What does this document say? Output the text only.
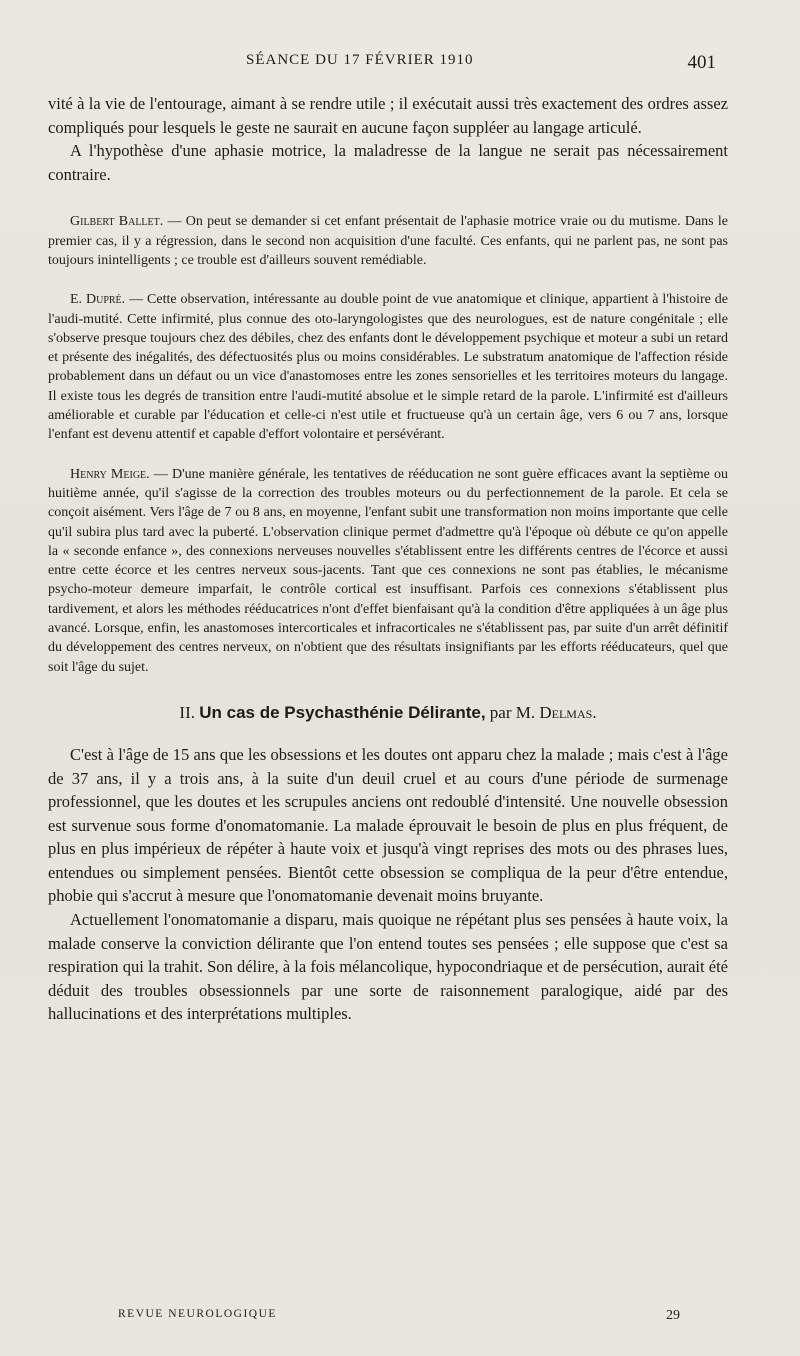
SÉANCE DU 17 FÉVRIER 1910	401

vité à la vie de l'entourage, aimant à se rendre utile ; il exécutait aussi très exactement des ordres assez compliqués pour lesquels le geste ne saurait en aucune façon suppléer au langage articulé.

A l'hypothèse d'une aphasie motrice, la maladresse de la langue ne serait pas nécessairement contraire.

Gilbert Ballet. — On peut se demander si cet enfant présentait de l'aphasie motrice vraie ou du mutisme. Dans le premier cas, il y a régression, dans le second non acquisition d'une faculté. Ces enfants, qui ne parlent pas, ne sont pas toujours inintelligents ; ce trouble est d'ailleurs souvent remédiable.

E. Dupré. — Cette observation, intéressante au double point de vue anatomique et clinique, appartient à l'histoire de l'audi-mutité. Cette infirmité, plus connue des oto-laryngologistes que des neurologues, est de nature congénitale ; elle s'observe presque toujours chez des débiles, chez des enfants dont le développement psychique et moteur a subi un retard et présente des inégalités, des défectuosités plus ou moins considérables. Le substratum anatomique de l'affection réside probablement dans un défaut ou un vice d'anastomoses entre les zones sensorielles et les territoires moteurs du langage. Il existe tous les degrés de transition entre l'audi-mutité absolue et le simple retard de la parole. L'infirmité est d'ailleurs améliorable et curable par l'éducation et celle-ci n'est utile et fructueuse qu'à un certain âge, vers 6 ou 7 ans, lorsque l'enfant est devenu attentif et capable d'effort volontaire et persévérant.

Henry Meige. — D'une manière générale, les tentatives de rééducation ne sont guère efficaces avant la septième ou huitième année, qu'il s'agisse de la correction des troubles moteurs ou du perfectionnement de la parole. Et cela se conçoit aisément. Vers l'âge de 7 ou 8 ans, en moyenne, l'enfant subit une transformation non moins importante que celle qu'il subira plus tard avec la puberté. L'observation clinique permet d'admettre qu'à l'époque où débute ce qu'on appelle la « seconde enfance », des connexions nerveuses nouvelles s'établissent entre les différents centres de l'écorce et aussi entre cette écorce et les centres nerveux sous-jacents. Tant que ces connexions ne sont pas établies, le mécanisme psycho-moteur demeure imparfait, le contrôle cortical est insuffisant. Parfois ces connexions s'établissent plus tardivement, et alors les méthodes rééducatrices n'ont d'effet bienfaisant qu'à la condition d'être appliquées à un âge plus avancé. Lorsque, enfin, les anastomoses intercorticales et infracorticales ne s'établissent pas, par suite d'un arrêt définitif du développement des centres nerveux, on n'obtient que des résultats insignifiants par les efforts rééducateurs, quel que soit l'âge du sujet.

II. Un cas de Psychasthénie Délirante, par M. Delmas.

C'est à l'âge de 15 ans que les obsessions et les doutes ont apparu chez la malade ; mais c'est à l'âge de 37 ans, il y a trois ans, à la suite d'un deuil cruel et au cours d'une période de surmenage professionnel, que les doutes et les scrupules anciens ont redoublé d'intensité. Une nouvelle obsession est survenue sous forme d'onomatomanie. La malade éprouvait le besoin de plus en plus fréquent, de plus en plus impérieux de répéter à haute voix et jusqu'à vingt reprises des mots ou des phrases lues, entendues ou simplement pensées. Bientôt cette obsession se compliqua de la peur d'être entendue, phobie qui s'accrut à mesure que l'onomatomanie devenait moins bruyante.

Actuellement l'onomatomanie a disparu, mais quoique ne répétant plus ses pensées à haute voix, la malade conserve la conviction délirante que l'on entend toutes ses pensées ; elle suppose que c'est sa respiration qui la trahit. Son délire, à la fois mélancolique, hypocondriaque et de persécution, aurait été déduit des troubles obsessionnels par une sorte de raisonnement paralogique, aidé par des hallucinations et des interprétations multiples.

REVUE NEUROLOGIQUE	29
